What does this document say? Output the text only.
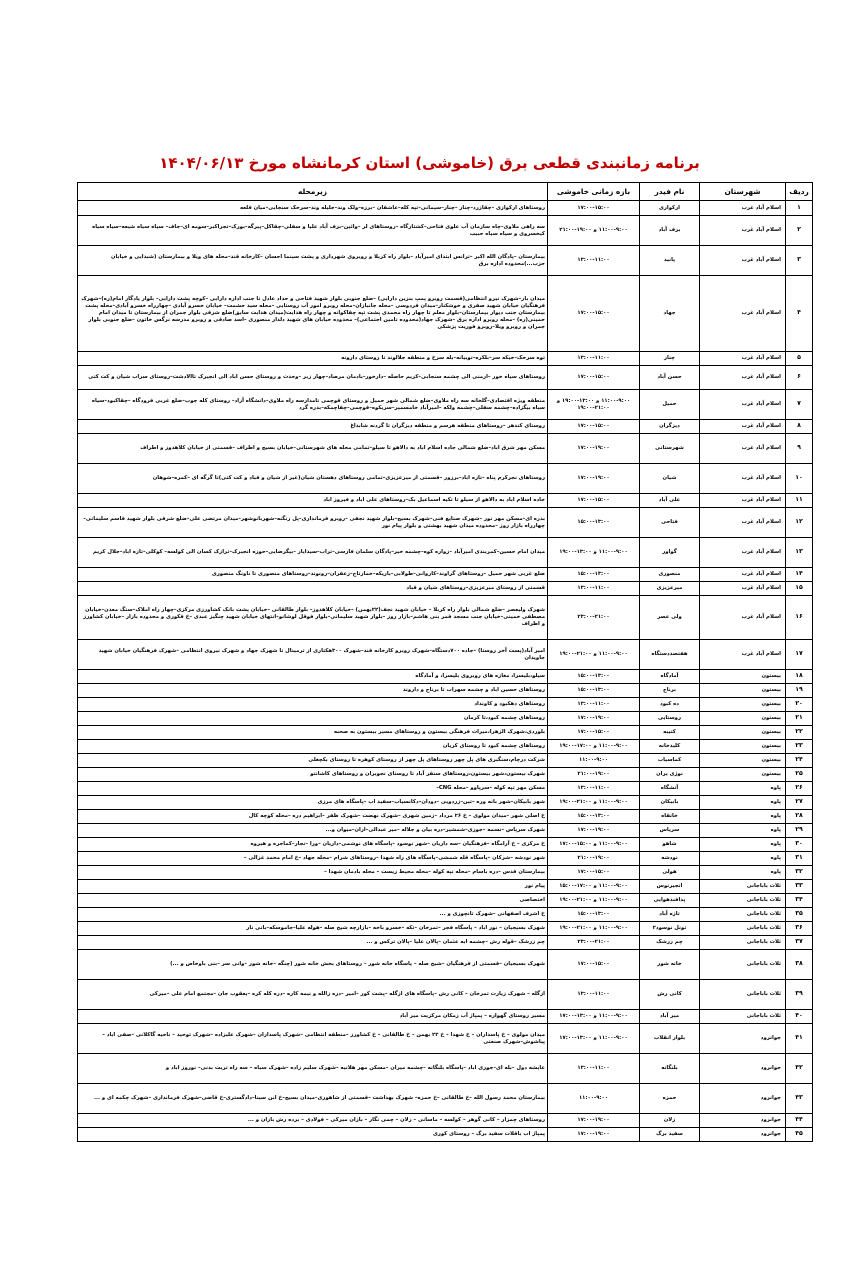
برنامه زمانبندی قطعی برق (خاموشی) استان کرمانشاه مورخ ۱۴۰۴/۰۶/۱۳
ردیف	شهرستان	نام فیدر	بازه زمانی خاموشی	زیرمحله
۱	اسلام آباد غرب	ارکوازی	۱۷:۰۰-۱۵:۰۰	روستاهای ارکوازی –چقازرد–چنار –چنار–سیمانی–تپه کله–عاشقان –برزه–ولک وند–جلیله وند–سرخک سنجابی–میان قلعه
۲	اسلام آباد غرب	برف آباد	۱۱:۰۰-۹:۰۰ و ۱۹:۰۰-۲۱:۰۰	سه راهی ملاوی–چاه سازمان آب علوی فتاحی–کشتارگاه –روستاهای لر –وائین–برف آباد علیا و سفلی–چقاکل–پیرگه–بورک–تجراکبر–سومه ای–جاف– سیاه سیاه شیعه–سیاه سیاه کیخسروی و سیاه سیاه حبیب
۳	اسلام آباد غرب	پانید	۱۳:۰۰-۱۱:۰۰	بیمارستان –پادگان الله اکبر –ترانس ابتدای امیرآباد –بلوار راه کربلا و روبروی شهرداری و پشت سینما احسان –کارخانه قند–محله های ویلا و بیمارستان (شبدایی و خیابان حزب...)محدوده اداره برق
۴	اسلام آباد غرب	جهاد	۱۷:۰۰-۱۵:۰۰	میدان بار–شهرک نیرو انتظامی(قسمت روبرو پمپ بنزین دارایی) –ضلع جنوبی بلوار شهید فتاحی و حداد عادل تا جنب اداره دارایی –کوچه پشت دارایی– بلوار یادگار امام(ره)–شهرک فرهنگیان خیابان شهید صفری و خوشکنار–میدان فردوسی –محله جانبازان–محله روبرو امور آب روستایی –محله سید حشمت– خیابان خسرو آبادی –چهارراه خسرو آبادی–محله پشت بیمارستان جنب دیوار بیمارستان–بلوار معلم تا چهار راه محمدی پشت تپه چقاکوانه و چهار راه هدایت(میدان هدایت سابق)ضلع شرقی بلوار جمران از بیمارستان تا میدان امام خمینی(ره) –محله روبرو اداره برق –شهرک جهاد(محدوده تامین اجتماعی)– محدوده خیابان های شهید دلدار منصوری –اسد صادقی و روبرو مدرسه نرگس خاتون –ضلع جنوبی بلوار جمران و روبرو ویلا–روبرو فوریت پزشکی
۵	اسلام آباد غرب	چنار	۱۳:۰۰-۱۱:۰۰	توه سرخک–خیکه سر–بلکره–توبیانه–بله سرخ و منطقه جلالوند تا روستای دارونه
۶	اسلام آباد غرب	حسن آباد	۱۷:۰۰-۱۵:۰۰	روستاهای سیاه خور –ارمنی الی چشمه سنجابی–کریم حاصله –دارخور–بادمان مرصاد–چهار زبر –وحدت و روستای حسن اباد الی انجیرک تاالادشت–روستای سراب شیان و کت کتی
۷	اسلام آباد غرب	حمیل	۱۱:۰۰-۹:۰۰ و ۱۳:۰۰-۱۹:۰۰ و ۲۱:۰۰-۱۹:۰۰	منطقه ویژه اقتصادی–گلخانه سه راه ملاوی–ضلع شمالی شهر حمیل و روستای قوچمی تامدارسه راه ملاوی–دانشگاه آزاد– روستای کله جوب–ضلع غربی فرودگاه –چقاکبود–سیاه سیاه بیگزاده–چشمه سفلی–چشمه ولکه –امیرآباد خامسمیر–سربکوه–قوچمی–چقاچمکه–بدره گرد
۸	اسلام آباد غرب	دیزگران	۱۷:۰۰-۱۵:۰۰	روستای کندهر –روستاهای منطقه هرسم و منطقه دیزگران تا گردنه شابداغ
۹	اسلام آباد غرب	شهرستانی	۱۷:۰۰-۱۹:۰۰	مسکن مهر شرق اباد–ضلع شمالی جاده اسلام اباد به دالاهو تا سیلو–تمامی محله های شهرستانی–خیابان بسیج و اطراف –قسمتی از خیابان کلاهدوز و اطراف
۱۰	اسلام آباد غرب	شیان	۱۷:۰۰-۱۹:۰۰	روستاهای نجرکرم پناه –تازه اباد–برزور –قسمتی از میرعزیزی–تمامی روستاهای دهستان شیان(غیر از شیان و قباد و کت کتی)تا گرگه ای –کمره–شوهان
۱۱	اسلام آباد غرب	علی آباد	۱۷:۰۰-۱۵:۰۰	جاده اسلام اباد به دالاهو از سیلو تا تکیه اسماعیل بک–روستاهای علی اباد و فیروز اباد
۱۲	اسلام آباد غرب	فتاحی	۱۵:۰۰-۱۳:۰۰	بدره ای–مسکن مهر نور –شهرک صنایع فنی–شهرک بسیج–بلوار شهید نجفی –روبرو فرمانداری–پل زنگنه–شهربانوشهر–میدان مرتضی علی–ضلع شرقی بلوار شهید قاسم سلیمانی–چهارراه بازار روز –محدوده میدان شهید بهشتی و بلوار پیام نور
۱۳	اسلام آباد غرب	گواور	۱۱:۰۰-۹:۰۰ و ۱۳:۰۰-۱۹:۰۰	میدان امام حسین–کمربندی امیرآباد –زواره کوه–چشمه خیر–پادگان سلمان فارسی–تراب–سیدایاز –بیگرضایی–حوزه انجیرک–ترازک کسان الی کولسه– کوکلی–تازه اباد–جلال کریم
۱۴	اسلام آباد غرب	منصوری	۱۵:۰۰-۱۳:۰۰	ضلع غربی شهر حمیل –روستاهای گراوند–کاروانی–طولابی–باریکه–خمارتاج–زعفران–رونوند–روستاهای منصوری تا ناونگ منصوری
۱۵	اسلام آباد غرب	میرعزیزی	۱۳:۰۰-۱۱:۰۰	قسمتی از روستای میرعزیزی–روستاهای شیان و قباد
۱۶	اسلام آباد غرب	ولی عصر	۲۳:۰۰-۲۱:۰۰	شهرک ولیعصر –ضلع شمالی بلوار راه کربلا – خیابان شهید نجف(۲۲بهمن) –خیابان کلاهدوز– بلوار طالقانی –خیابان پشت بانک کشاورزی مرکزی–چهار راه املاک–سنگ معدن–خیابان مصطفی خمینی–خیابان جنب مسجد قمر بنی هاشم–بازار روز –بلوار شهید سلیمانی–بلوار فوقل لوشانو–انتهای خیابان شهید چنگیز عبدی –خ فکوری و محدوده بازار –خیابان کشاورز و اطراف
۱۷	اسلام آباد غرب	هفتصددستگاه	۱۱:۰۰-۹:۰۰ و ۲۱:۰۰-۱۹:۰۰	امیر آباد(پست آخر روستا) –جاده ۷۰۰دستگاه–شهرک روبرو کارخانه قند–شهرک ۳۰۰هکتاری از ترمینال تا شهرک جهاد و شهرک نیروی انتظامی –شهرک فرهنگیان خیابان شهید جاویدان
۱۸	بیستون	آمادگاه	۱۵:۰۰-۱۳:۰۰	سیلو،بلیسرا، مغازه های روبروی بلیسرا، و آمادگاه
۱۹	بیستون	برناج	۱۵:۰۰-۱۳:۰۰	روستاهای حسین اباد و چشمه سهراب تا برناج و داروند
۲۰	بیستون	ده کبود	۱۳:۰۰-۱۱:۰۰	روستاهای دهکبود و کاونداد
۲۱	بیستون	روستایی	۱۷:۰۰-۱۹:۰۰	روستاهای چشمه کبود،تا کرمان
۲۲	بیستون	کتیبه	۱۷:۰۰-۱۵:۰۰	بلوردی،شهرک الزهرا،میراث فرهنگی بیستون و روستاهای مسیر بیستون به صحنه
۲۳	بیستون	کلیدخانه	۱۱:۰۰-۹:۰۰ و ۱۷:۰۰-۱۹:۰۰	روستاهای چشمه کبود تا روستای کریان
۲۴	بیستون	کماسیاب	۱۱:۰۰-۹:۰۰	شرکت درچام،سنگبری های پل چهر روستاهای پل چهر از روستای کوهره تا روستای بکچغلی
۲۵	بیستون	نوژی یران	۲۱:۰۰-۱۹:۰۰	شهرک بیستون،شهر بیستون،روستاهای سنقر آباد تا روستای نجوبران و روستاهای کاشانتو
۲۶	پاوه	آتشگاه	۱۳:۰۰-۱۱:۰۰	مسکن مهر تپه کوله –سرپاوو –محله CNG–
۲۷	پاوه	بابیکان	۱۱:۰۰-۹:۰۰ و ۲۱:۰۰-۱۹:۰۰	شهر بابیکان–شهر بانه وره –تین–زردویی –دودان–دکانسیاب–سفید اب –پاسگاه های مرزی
۲۸	پاوه	خانقاه	۱۵:۰۰-۱۳:۰۰	خ اصلی شهر –میدان مولوی – خ ۲۶ مرداد –زمین شهری –شهرک نهضت –شهرک ظفر –ابراهیم دره –محله کوچه کال
۲۹	پاوه	سریاس	۱۷:۰۰-۱۹:۰۰	شهرک سرپاس –نسمه –جوزی–شمشیر–دره بیان و جلاله –میر عبدالی–اران–میوان و...
۳۰	پاوه	شاهو	۱۱:۰۰-۹:۰۰ و ۱۵:۰۰-۱۷:۰۰	خ مرکزی – خ آرامگاه –فرهنگیان –سه داریان –شهر نوسود –پاسگاه های نوشمی–داریان –ورا –نجار–کماجره و هیروه
۳۱	پاوه	نودشه	۲۱:۰۰-۱۹:۰۰	شهر نودشه –شرکان –پاسگاه قله شمشی–پاسگاه های راه شهدا –روستاهای شرام –محله جهاد –خ امام محمد غزالی –
۳۲	پاوه	هولی	۱۷:۰۰-۱۵:۰۰	بیمارستان قدس –دره باسام –محله تپه کوله –محله محیط زیست – محله بادمان شهدا –
۳۳	ثلاث باباجانی	انجیرنوس	۱۱:۰۰-۹:۰۰ و ۱۷:۰۰-۱۵:۰۰	پیام نور
۳۴	ثلاث باباجانی	پدافندهوایی	۱۱:۰۰-۹:۰۰ و ۲۱:۰۰-۱۹:۰۰	اختصاصی
۳۵	ثلاث باباجانی	تازه آباد	۱۵:۰۰-۱۳:۰۰	خ اشرف اصفهانی –شهرک تانچوزی و ...
۳۶	ثلاث باباجانی	تونل نوسود۲	۱۱:۰۰-۹:۰۰ و ۲۱:۰۰-۱۹:۰۰	شهرک بسیجیان – نور اباد – پاسگاه فجر –تمرخان –تکه –خسرو باخه –بازارچه شیخ صله –هوله علیا–جاموسکه–بانی نار
۳۷	ثلاث باباجانی	چم زرشک	۲۳:۰۰-۲۱:۰۰	چم زرشک –قوله رش –چشمه ابه عثمان –پالان علیا –پالان ترکس و ...
۳۸	ثلاث باباجانی	خانه شور	۱۷:۰۰-۱۵:۰۰	شهرک بسیجیان –قسمتی از فرهنگیان –شیخ صله – پاسگاه خانه شور – روستاهای بخش خانه شور (چنگه –خانه شور –وانی سر –بنی باوخاص و ...)
۳۹	ثلاث باباجانی	کانی رش	۱۳:۰۰-۱۱:۰۰	ازگله – شهرک زیارت تمرخان – کانی رش –پاسگاه های ازگله –پشت کور –امیر –دره زالله و نیمه کاره –دره کله کره –یعقوب جان –مجتمع امام علی –میرکی
۴۰	ثلاث باباجانی	میر آباد	۱۱:۰۰-۹:۰۰ و ۱۳:۰۰-۱۷:۰۰	مسیر روستای گهواره – پمپاژ آب زمکان مرکزیت میر آباد
۴۱	جوانرود	بلوار انقلاب	۱۱:۰۰-۹:۰۰ و ۱۳:۰۰-۱۷:۰۰	میدان مولوی – خ پاسداران – خ شهدا – خ ۲۲ بهمن – خ طالقانی – خ کشاورز –منطقه انتظامی –شهرک پاسداران –شهرک علیزاده –شهرک توحید – ناحیه گاکلانی –صفی اباد –پیاشوش–شهرک صنعتی
۴۲	جوانرود	بلنگانه	۱۳:۰۰-۱۱:۰۰	عایشه دول –بله ای–جوری اباد –پاسگاه بلنگانه –چشمه میران –مسکن مهر هلانیه –شهرک سلیم زاده –شهرک سیاه – سه راه تربت بدنی– نوروز اباد و
۴۳	جوانرود	حمزه	۱۱:۰۰-۹:۰۰	بیمارستان محمد رسول الله –خ طالقانی –خ حمزه– شهرک بهداشت –قسمتی از شاهوری–میدان بسیج–خ ابن سینا–دادگستری–خ قاضی–شهرک فرمانداری –شهرک چکمه ای و ...
۴۴	جوانرود	زلان	۱۷:۰۰-۱۹:۰۰	روستاهای چمزار – کانی گوهر – کولسه – ماسانی – زلان – چمی نگار – بازان میرکی – فولادی – برده رش بازان و ...
۴۵	جوانرود	سفید برگ	۱۷:۰۰-۱۹:۰۰	پمپاژ اب باقلات سفید برگ – روستای کوری
